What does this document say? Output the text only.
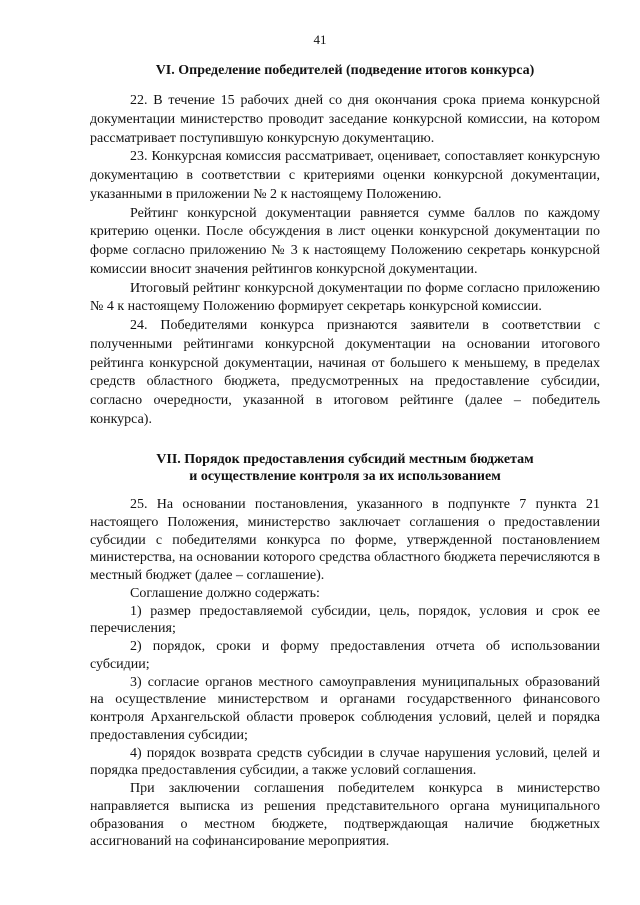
41
VI. Определение победителей (подведение итогов конкурса)

22. В течение 15 рабочих дней со дня окончания срока приема конкурсной документации министерство проводит заседание конкурсной комиссии, на котором рассматривает поступившую конкурсную документацию.

23. Конкурсная комиссия рассматривает, оценивает, сопоставляет конкурсную документацию в соответствии с критериями оценки конкурсной документации, указанными в приложении № 2 к настоящему Положению.

Рейтинг конкурсной документации равняется сумме баллов по каждому критерию оценки. После обсуждения в лист оценки конкурсной документации по форме согласно приложению № 3 к настоящему Положению секретарь конкурсной комиссии вносит значения рейтингов конкурсной документации.

Итоговый рейтинг конкурсной документации по форме согласно приложению № 4 к настоящему Положению формирует секретарь конкурсной комиссии.

24. Победителями конкурса признаются заявители в соответствии с полученными рейтингами конкурсной документации на основании итогового рейтинга конкурсной документации, начиная от большего к меньшему, в пределах средств областного бюджета, предусмотренных на предоставление субсидии, согласно очередности, указанной в итоговом рейтинге (далее – победитель конкурса).

VII. Порядок предоставления субсидий местным бюджетам
и осуществление контроля за их использованием

25. На основании постановления, указанного в подпункте 7 пункта 21 настоящего Положения, министерство заключает соглашения о предоставлении субсидии с победителями конкурса по форме, утвержденной постановлением министерства, на основании которого средства областного бюджета перечисляются в местный бюджет (далее – соглашение).

Соглашение должно содержать:

1) размер предоставляемой субсидии, цель, порядок, условия и срок ее перечисления;

2) порядок, сроки и форму предоставления отчета об использовании субсидии;

3) согласие органов местного самоуправления муниципальных образований на осуществление министерством и органами государственного финансового контроля Архангельской области проверок соблюдения условий, целей и порядка предоставления субсидии;

4) порядок возврата средств субсидии в случае нарушения условий, целей и порядка предоставления субсидии, а также условий соглашения.

При заключении соглашения победителем конкурса в министерство направляется выписка из решения представительного органа муниципального образования о местном бюджете, подтверждающая наличие бюджетных ассигнований на софинансирование мероприятия.
